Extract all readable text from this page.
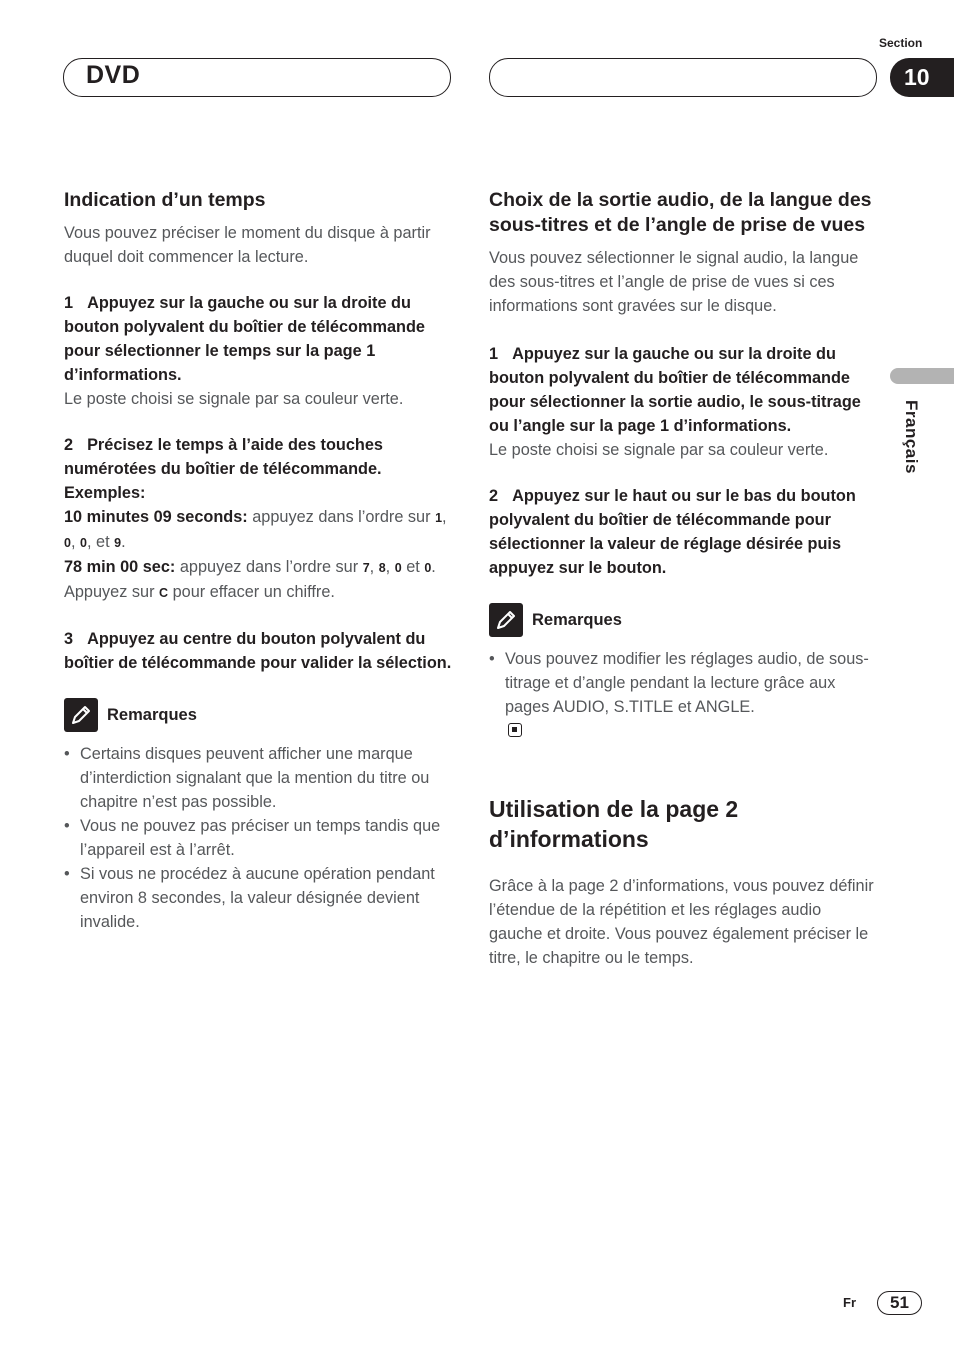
DVD
Section
10
Français
Indication d’un temps

Vous pouvez préciser le moment du disque à partir duquel doit commencer la lecture.

1 Appuyez sur la gauche ou sur la droite du bouton polyvalent du boîtier de télécommande pour sélectionner le temps sur la page 1 d’informations.

Le poste choisi se signale par sa couleur verte.

2 Précisez le temps à l’aide des touches numérotées du boîtier de télécommande.

Exemples:

10 minutes 09 seconds: appuyez dans l’ordre sur 1, 0, 0, et 9.

78 min 00 sec: appuyez dans l’ordre sur 7, 8, 0 et 0.

Appuyez sur C pour effacer un chiffre.

3 Appuyez au centre du bouton polyvalent du boîtier de télécommande pour valider la sélection.

Remarques
• Certains disques peuvent afficher une marque d’interdiction signalant que la mention du titre ou chapitre n’est pas possible.
• Vous ne pouvez pas préciser un temps tandis que l’appareil est à l’arrêt.
• Si vous ne procédez à aucune opération pendant environ 8 secondes, la valeur désignée devient invalide.
Choix de la sortie audio, de la langue des sous-titres et de l’angle de prise de vues

Vous pouvez sélectionner le signal audio, la langue des sous-titres et l’angle de prise de vues si ces informations sont gravées sur le disque.

1 Appuyez sur la gauche ou sur la droite du bouton polyvalent du boîtier de télécommande pour sélectionner la sortie audio, le sous-titrage ou l’angle sur la page 1 d’informations.

Le poste choisi se signale par sa couleur verte.

2 Appuyez sur le haut ou sur le bas du bouton polyvalent du boîtier de télécommande pour sélectionner la valeur de réglage désirée puis appuyez sur le bouton.

Remarques
• Vous pouvez modifier les réglages audio, de sous-titrage et d’angle pendant la lecture grâce aux pages AUDIO, S.TITLE et ANGLE.
Utilisation de la page 2 d’informations

Grâce à la page 2 d’informations, vous pouvez définir l’étendue de la répétition et les réglages audio gauche et droite. Vous pouvez également préciser le titre, le chapitre ou le temps.

Fr	51
